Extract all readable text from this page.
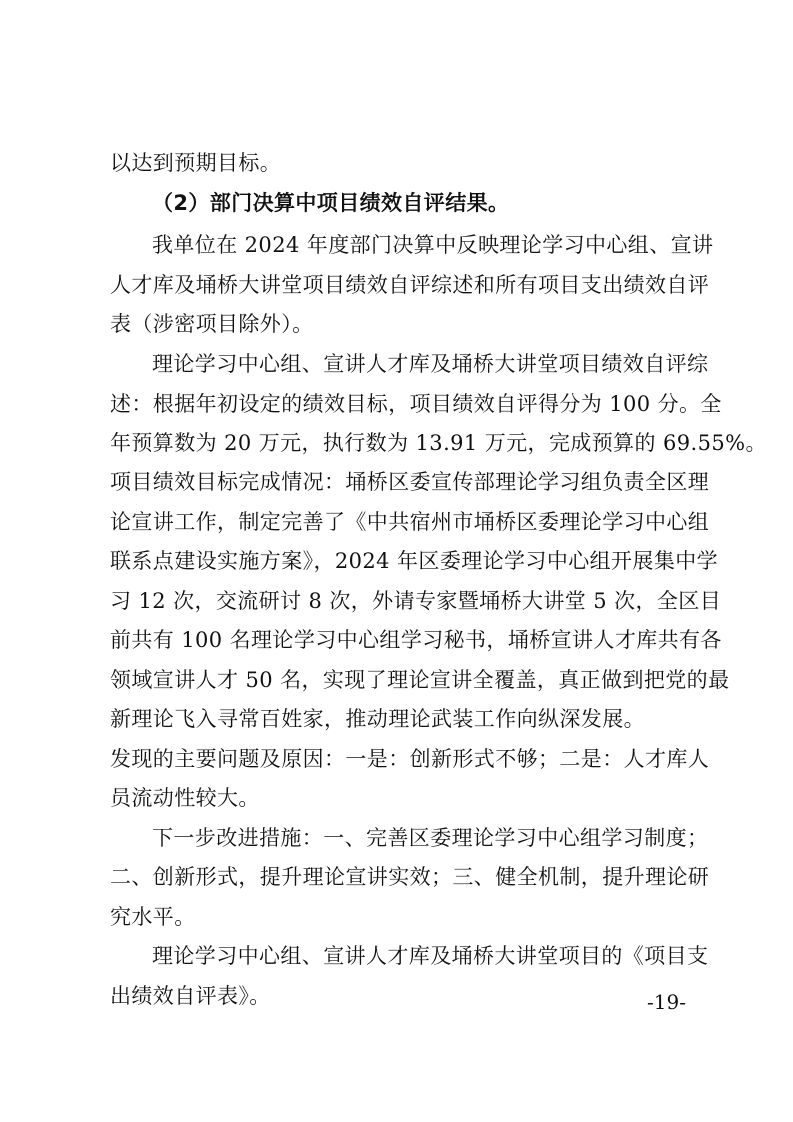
以达到预期目标。
（2）部门决算中项目绩效自评结果。
我单位在 2024 年度部门决算中反映理论学习中心组、宣讲
人才库及埇桥大讲堂项目绩效自评综述和所有项目支出绩效自评
表（涉密项目除外）。
理论学习中心组、宣讲人才库及埇桥大讲堂项目绩效自评综
述：根据年初设定的绩效目标，项目绩效自评得分为 100 分。全
年预算数为 20 万元，执行数为 13.91 万元，完成预算的 69.55%。
项目绩效目标完成情况：埇桥区委宣传部理论学习组负责全区理
论宣讲工作，制定完善了《中共宿州市埇桥区委理论学习中心组
联系点建设实施方案》，2024 年区委理论学习中心组开展集中学
习 12 次，交流研讨 8 次，外请专家暨埇桥大讲堂 5 次，全区目
前共有 100 名理论学习中心组学习秘书，埇桥宣讲人才库共有各
领域宣讲人才 50 名，实现了理论宣讲全覆盖，真正做到把党的最
新理论飞入寻常百姓家，推动理论武装工作向纵深发展。
发现的主要问题及原因：一是：创新形式不够；二是：人才库人
员流动性较大。
下一步改进措施：一、完善区委理论学习中心组学习制度；
二、创新形式，提升理论宣讲实效；三、健全机制，提升理论研
究水平。
理论学习中心组、宣讲人才库及埇桥大讲堂项目的《项目支
出绩效自评表》。	-19-
